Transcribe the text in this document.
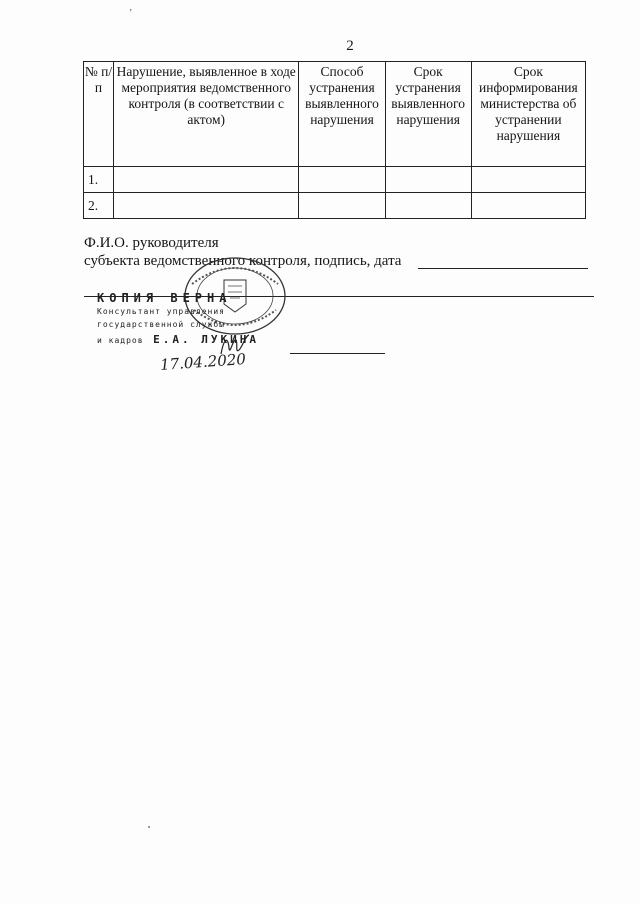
‚
2
№ п/п	Нарушение, выявленное в ходе мероприятия ведомственного контроля (в соответствии с актом)	Способ устранения выявленного нарушения	Срок устранения выявленного нарушения	Срок информирования министерства об устранении нарушения
1.				
2.				
Ф.И.О. руководителя
субъекта ведомственного контроля, подпись, дата
КОПИЯ ВЕРНА
Консультант управления
государственной службы
и кадров Е.А. ЛУКИНА
17.04.2020
